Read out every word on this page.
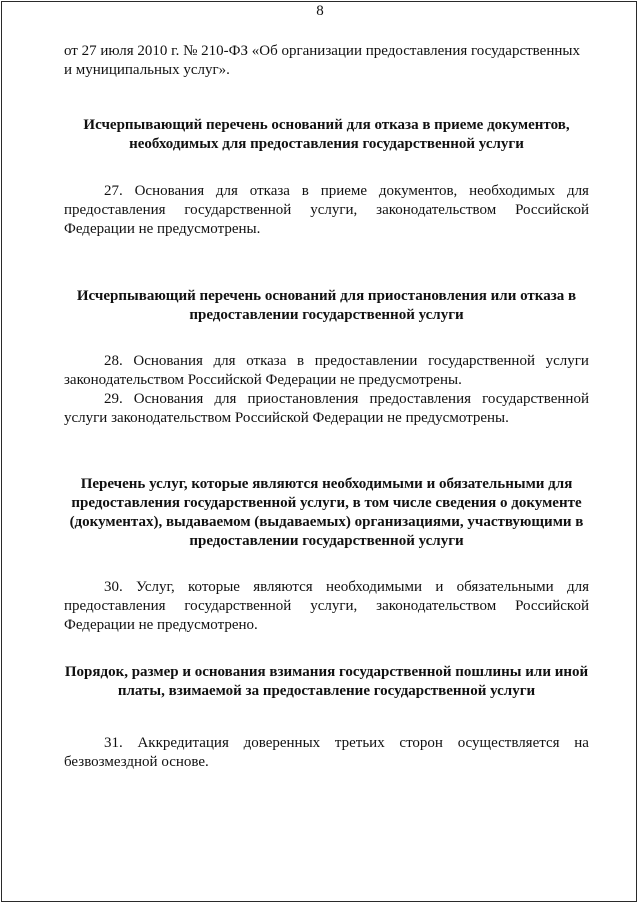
8
от 27 июля 2010 г. № 210-ФЗ «Об организации предоставления государственных
и муниципальных услуг».
Исчерпывающий перечень оснований для отказа в приеме документов,
необходимых для предоставления государственной услуги
27. Основания для отказа в приеме документов, необходимых для
предоставления государственной услуги, законодательством Российской
Федерации не предусмотрены.
Исчерпывающий перечень оснований для приостановления или отказа в
предоставлении государственной услуги
28. Основания для отказа в предоставлении государственной услуги
законодательством Российской Федерации не предусмотрены.
29. Основания для приостановления предоставления государственной
услуги законодательством Российской Федерации не предусмотрены.
Перечень услуг, которые являются необходимыми и обязательными для
предоставления государственной услуги, в том числе сведения о документе
(документах), выдаваемом (выдаваемых) организациями, участвующими в
предоставлении государственной услуги
30. Услуг, которые являются необходимыми и обязательными для
предоставления государственной услуги, законодательством Российской
Федерации не предусмотрено.
Порядок, размер и основания взимания государственной пошлины или иной
платы, взимаемой за предоставление государственной услуги
31. Аккредитация доверенных третьих сторон осуществляется на
безвозмездной основе.
